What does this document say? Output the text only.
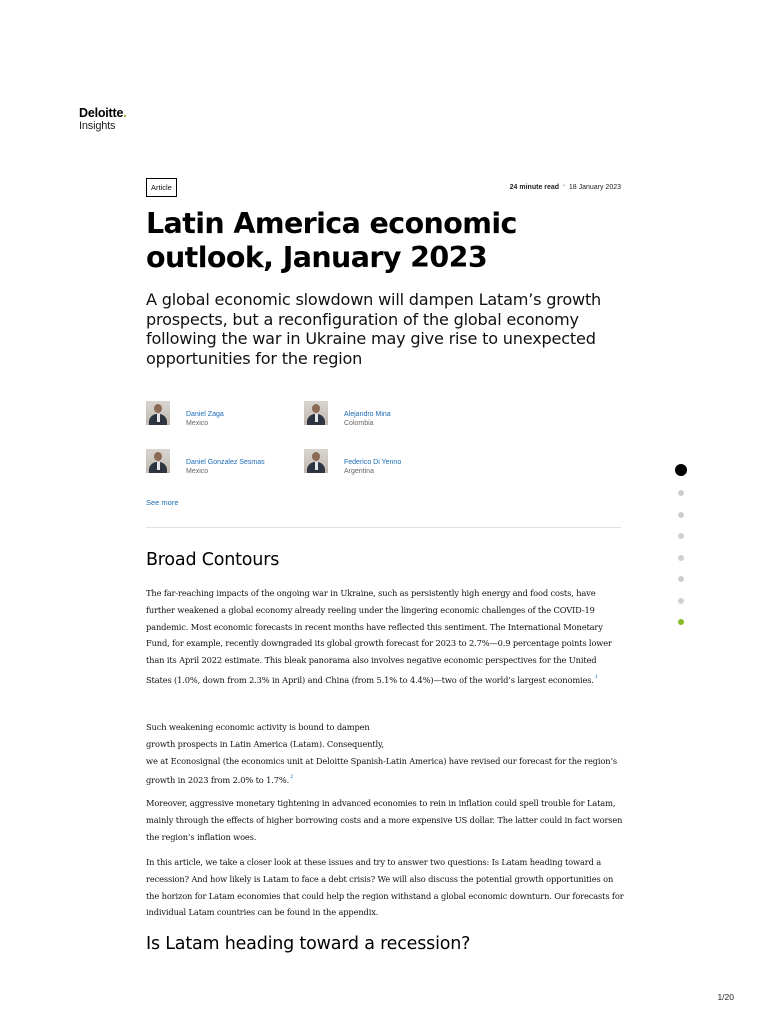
Deloitte.
Insights
Article	24 minute read • 18 January 2023
Latin America economic outlook, January 2023

A global economic slowdown will dampen Latam’s growth prospects, but a reconfiguration of the global economy following the war in Ukraine may give rise to unexpected opportunities for the region

Daniel Zaga
Mexico
Alejandro Mina
Colombia
Daniel Gonzalez Sesmas
Mexico
Federico Di Yenno
Argentina
See more
Broad Contours

The far-reaching impacts of the ongoing war in Ukraine, such as persistently high energy and food costs, have further weakened a global economy already reeling under the lingering economic challenges of the COVID-19 pandemic. Most economic forecasts in recent months have reflected this sentiment. The International Monetary Fund, for example, recently downgraded its global growth forecast for 2023 to 2.7%—0.9 percentage points lower than its April 2022 estimate. This bleak panorama also involves negative economic perspectives for the United States (1.0%, down from 2.3% in April) and China (from 5.1% to 4.4%)—two of the world’s largest economies.$^1$

Such weakening economic activity is bound to dampen
growth prospects in Latin America (Latam). Consequently,
we at Econosignal (the economics unit at Deloitte Spanish-Latin America) have revised our forecast for the region’s growth in 2023 from 2.0% to 1.7%.$^2$

Moreover, aggressive monetary tightening in advanced economies to rein in inflation could spell trouble for Latam, mainly through the effects of higher borrowing costs and a more expensive US dollar. The latter could in fact worsen the region’s inflation woes.

In this article, we take a closer look at these issues and try to answer two questions: Is Latam heading toward a recession? And how likely is Latam to face a debt crisis? We will also discuss the potential growth opportunities on the horizon for Latam economies that could help the region withstand a global economic downturn. Our forecasts for individual Latam countries can be found in the appendix.

Is Latam heading toward a recession?
1/20
